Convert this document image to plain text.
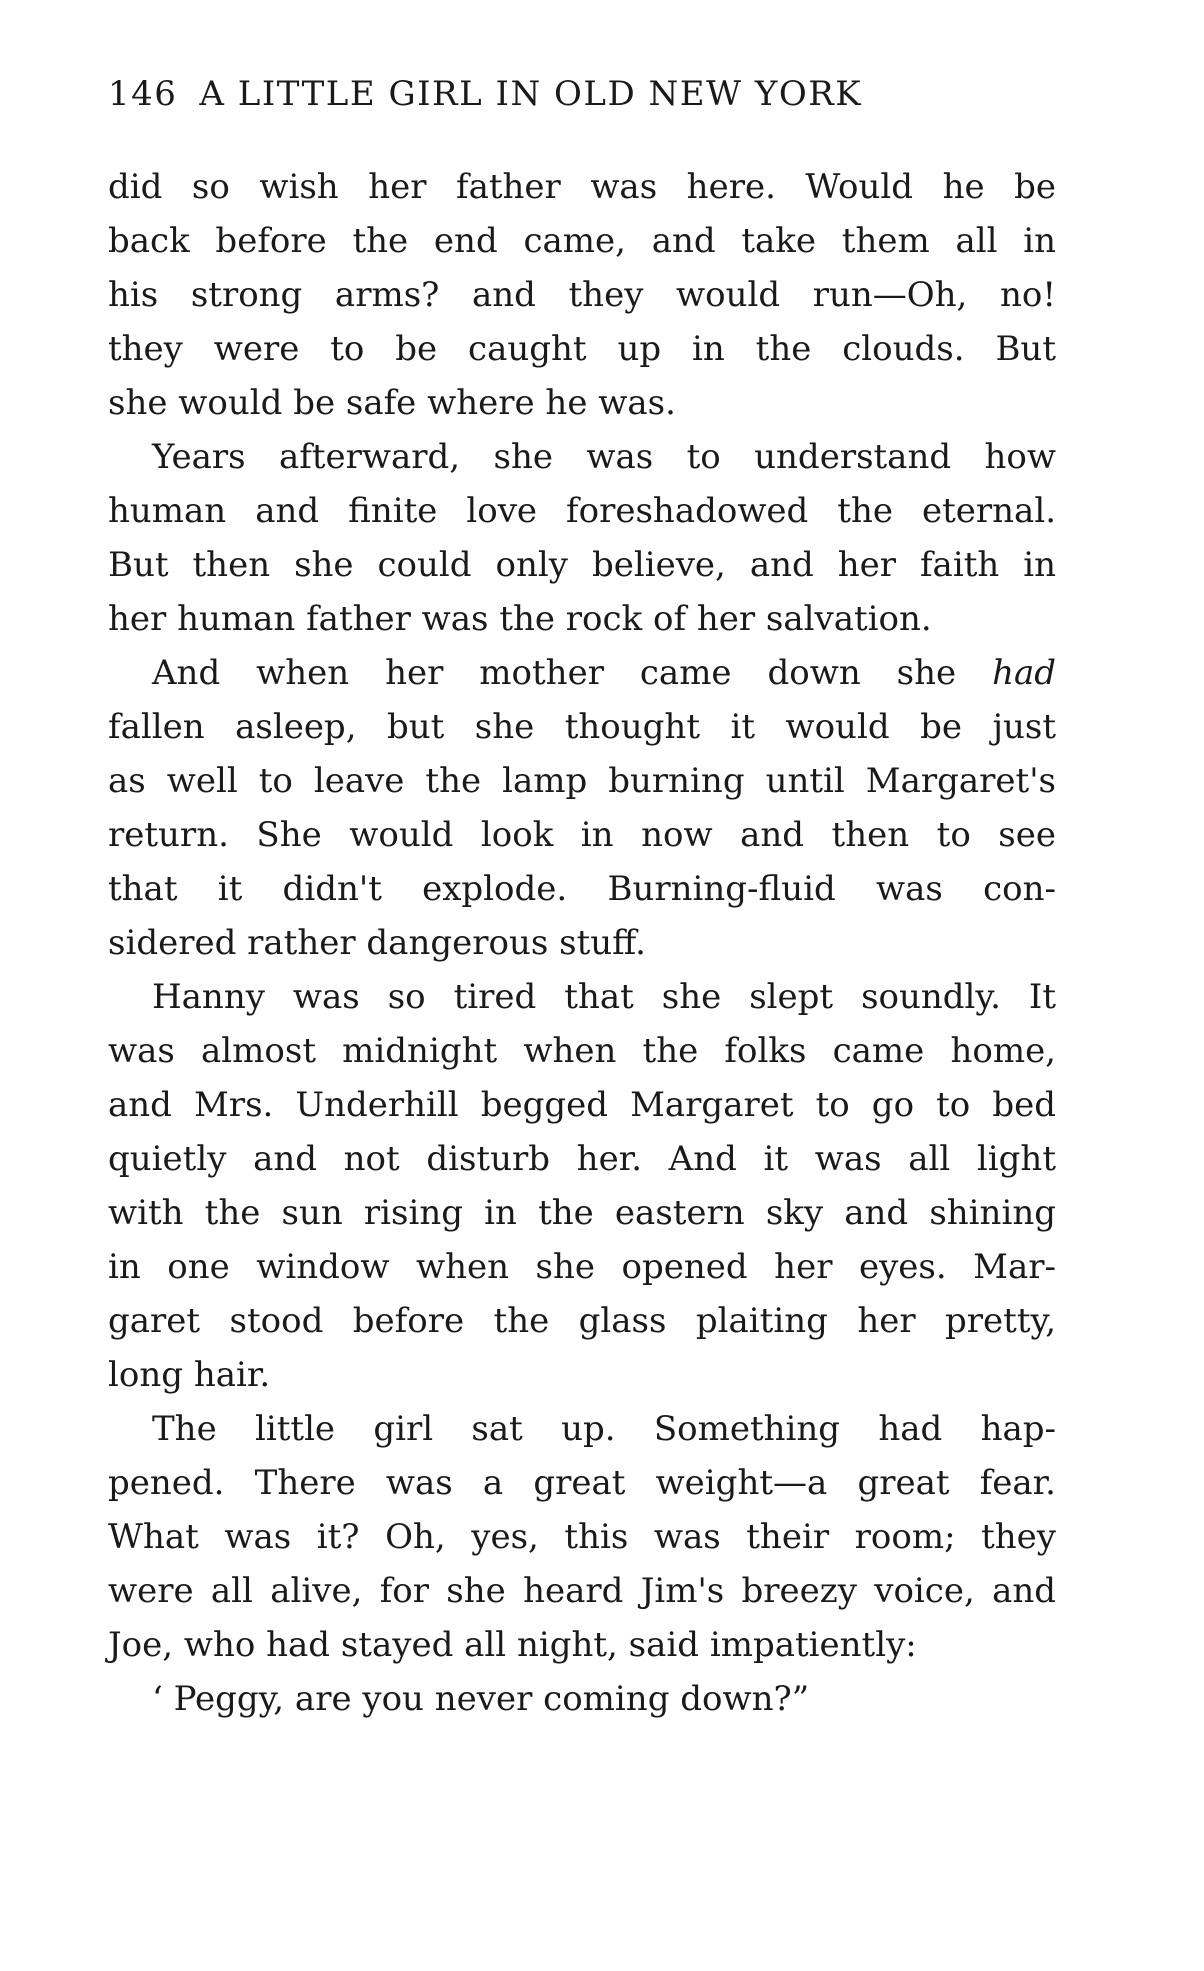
146 A LITTLE GIRL IN OLD NEW YORK
did so wish her father was here. Would he be
back before the end came, and take them all in
his strong arms? and they would run—Oh, no!
they were to be caught up in the clouds. But
she would be safe where he was.
Years afterward, she was to understand how
human and finite love foreshadowed the eternal.
But then she could only believe, and her faith in
her human father was the rock of her salvation.
And when her mother came down she had
fallen asleep, but she thought it would be just
as well to leave the lamp burning until Margaret's
return. She would look in now and then to see
that it didn't explode. Burning-fluid was con-
sidered rather dangerous stuff.
Hanny was so tired that she slept soundly. It
was almost midnight when the folks came home,
and Mrs. Underhill begged Margaret to go to bed
quietly and not disturb her. And it was all light
with the sun rising in the eastern sky and shining
in one window when she opened her eyes. Mar-
garet stood before the glass plaiting her pretty,
long hair.
The little girl sat up. Something had hap-
pened. There was a great weight—a great fear.
What was it? Oh, yes, this was their room; they
were all alive, for she heard Jim's breezy voice, and
Joe, who had stayed all night, said impatiently:
‘ Peggy, are you never coming down?”
